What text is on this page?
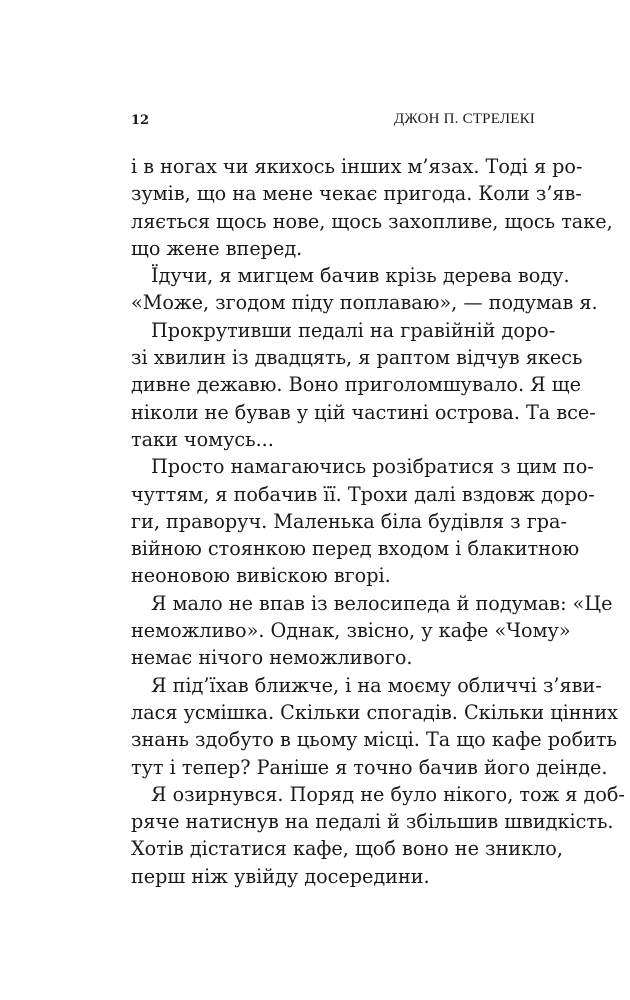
12	ДЖОН П. СТРЕЛЕКІ
і в ногах чи якихось інших м’язах. Тоді я ро-
зумів, що на мене чекає пригода. Коли з’яв-
ляється щось нове, щось захопливе, щось таке,
що жене вперед.
Їдучи, я мигцем бачив крізь дерева воду.
«Може, згодом піду поплаваю», — подумав я.
Прокрутивши педалі на гравійній доро-
зі хвилин із двадцять, я раптом відчув якесь
дивне дежавю. Воно приголомшувало. Я ще
ніколи не бував у цій частині острова. Та все-
таки чомусь...
Просто намагаючись розібратися з цим по-
чуттям, я побачив її. Трохи далі вздовж доро-
ги, праворуч. Маленька біла будівля з гра-
війною стоянкою перед входом і блакитною
неоновою вивіскою вгорі.
Я мало не впав із велосипеда й подумав: «Це
неможливо». Однак, звісно, у кафе «Чому»
немає нічого неможливого.
Я під’їхав ближче, і на моєму обличчі з’яви-
лася усмішка. Скільки спогадів. Скільки цінних
знань здобуто в цьому місці. Та що кафе робить
тут і тепер? Раніше я точно бачив його деінде.
Я озирнувся. Поряд не було нікого, тож я доб-
ряче натиснув на педалі й збільшив швидкість.
Хотів дістатися кафе, щоб воно не зникло,
перш ніж увійду досередини.
